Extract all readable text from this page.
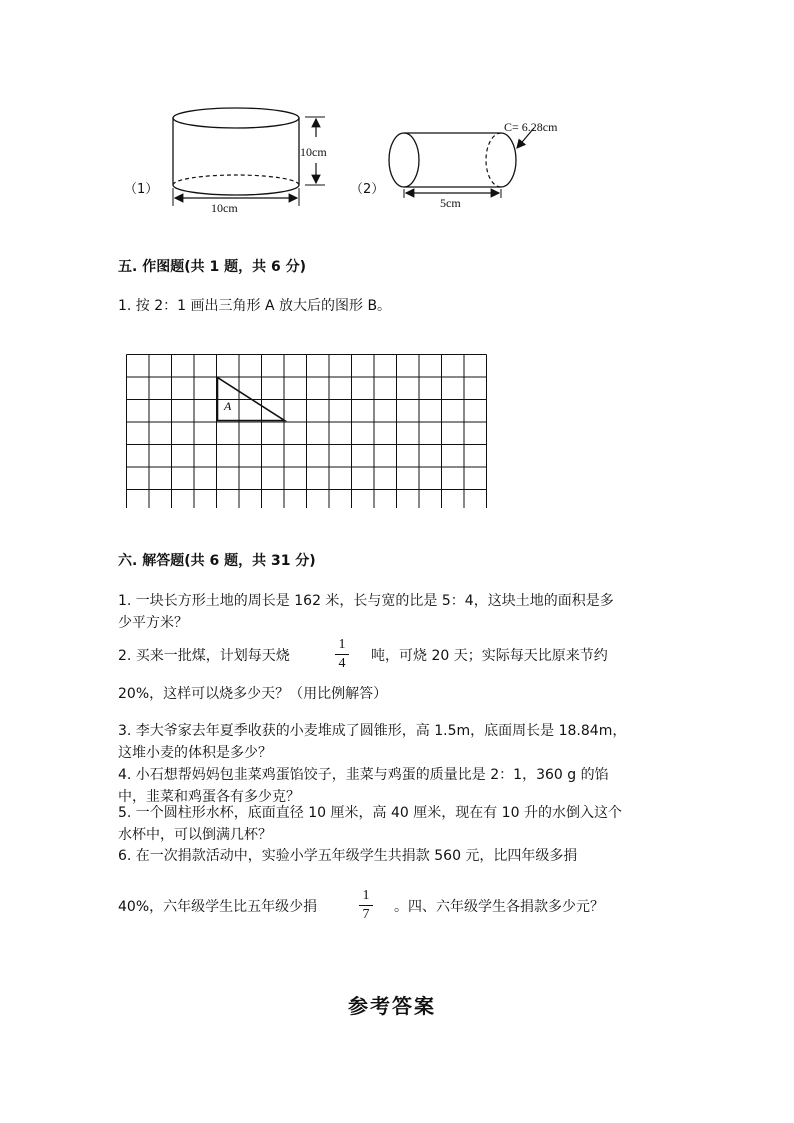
（1）
10cm
10cm
（2）
C= 6.28cm
5cm
五. 作图题(共 1 题，共 6 分)
1. 按 2：1 画出三角形 A 放大后的图形 B。
A
六. 解答题(共 6 题，共 31 分)
1. 一块长方形土地的周长是 162 米，长与宽的比是 5：4，这块土地的面积是多
少平方米？
2. 买来一批煤，计划每天烧
1
4 吨，可烧 20 天；实际每天比原来节约
20%，这样可以烧多少天？（用比例解答）
3. 李大爷家去年夏季收获的小麦堆成了圆锥形，高 1.5m，底面周长是 18.84m，
这堆小麦的体积是多少？
4. 小石想帮妈妈包韭菜鸡蛋馅饺子，韭菜与鸡蛋的质量比是 2：1，360 g 的馅
中，韭菜和鸡蛋各有多少克？
5. 一个圆柱形水杯，底面直径 10 厘米，高 40 厘米，现在有 10 升的水倒入这个
水杯中，可以倒满几杯？
6. 在一次捐款活动中，实验小学五年级学生共捐款 560 元，比四年级多捐
40%，六年级学生比五年级少捐
1
7 。四、六年级学生各捐款多少元？
参考答案
